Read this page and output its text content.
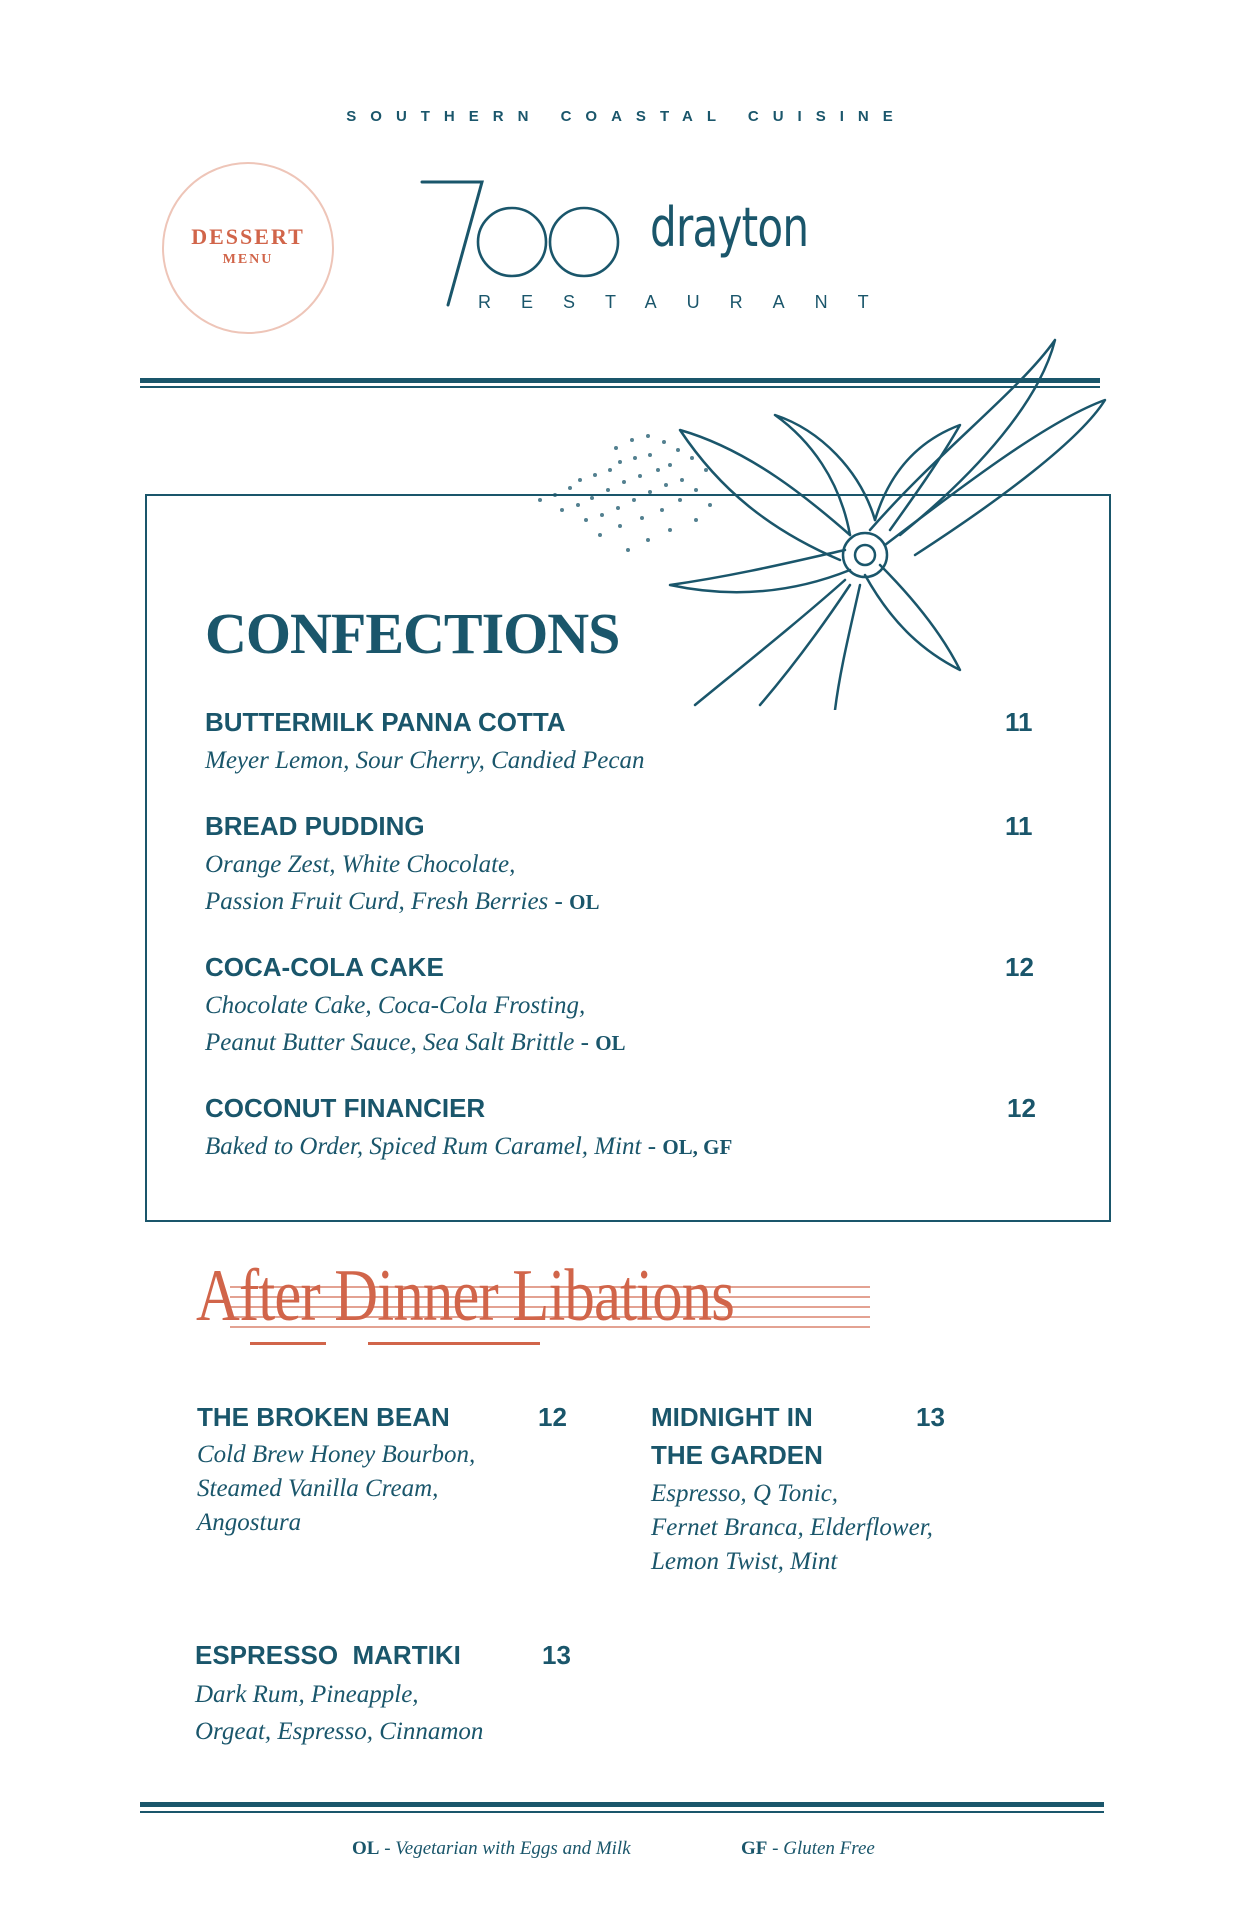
SOUTHERN COASTAL CUISINE
DESSERT
MENU
700
drayton
RESTAURANT
CONFECTIONS
BUTTERMILK PANNA COTTA	11
Meyer Lemon, Sour Cherry, Candied Pecan
BREAD PUDDING	11
Orange Zest, White Chocolate,
Passion Fruit Curd, Fresh Berries - OL
COCA-COLA CAKE	12
Chocolate Cake, Coca-Cola Frosting,
Peanut Butter Sauce, Sea Salt Brittle - OL
COCONUT FINANCIER	12
Baked to Order, Spiced Rum Caramel, Mint - OL, GF
After Dinner Libations
THE BROKEN BEAN	12
Cold Brew Honey Bourbon,
Steamed Vanilla Cream,
Angostura
MIDNIGHT IN
THE GARDEN
13
Espresso, Q Tonic,
Fernet Branca, Elderflower,
Lemon Twist, Mint
ESPRESSO  MARTIKI	13
Dark Rum, Pineapple,
Orgeat, Espresso, Cinnamon
OL - Vegetarian with Eggs and Milk	GF - Gluten Free
